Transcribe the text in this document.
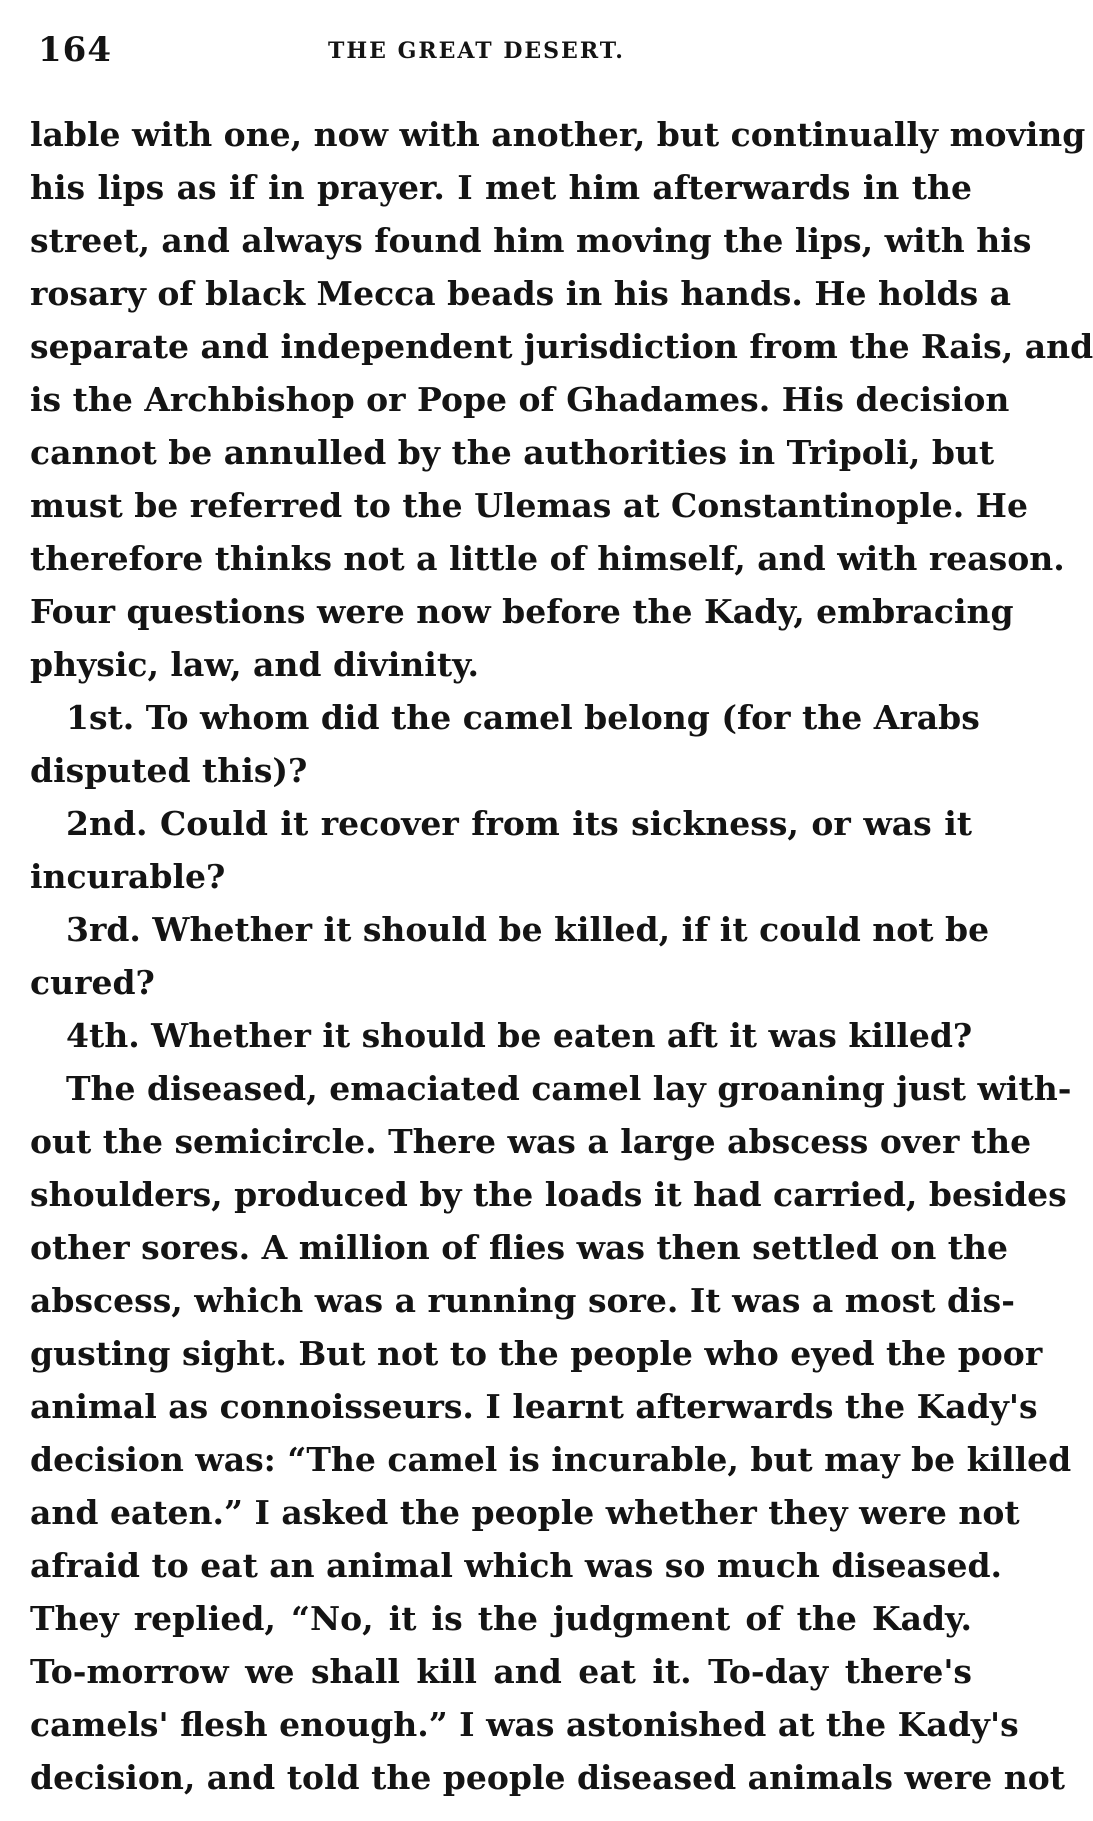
164	THE GREAT DESERT.
lable with one, now with another, but continually moving
his lips as if in prayer. I met him afterwards in the
street, and always found him moving the lips, with his
rosary of black Mecca beads in his hands. He holds a
separate and independent jurisdiction from the Rais, and
is the Archbishop or Pope of Ghadames. His decision
cannot be annulled by the authorities in Tripoli, but
must be referred to the Ulemas at Constantinople. He
therefore thinks not a little of himself, and with reason.
Four questions were now before the Kady, embracing
physic, law, and divinity.
1st. To whom did the camel belong (for the Arabs
disputed this)?
2nd. Could it recover from its sickness, or was it
incurable?
3rd. Whether it should be killed, if it could not be
cured?
4th. Whether it should be eaten aft it was killed?
The diseased, emaciated camel lay groaning just with-
out the semicircle. There was a large abscess over the
shoulders, produced by the loads it had carried, besides
other sores. A million of flies was then settled on the
abscess, which was a running sore. It was a most dis-
gusting sight. But not to the people who eyed the poor
animal as connoisseurs. I learnt afterwards the Kady's
decision was: “The camel is incurable, but may be killed
and eaten.” I asked the people whether they were not
afraid to eat an animal which was so much diseased.
They replied, “No, it is the judgment of the Kady.
To-morrow we shall kill and eat it. To-day there's
camels' flesh enough.” I was astonished at the Kady's
decision, and told the people diseased animals were not
